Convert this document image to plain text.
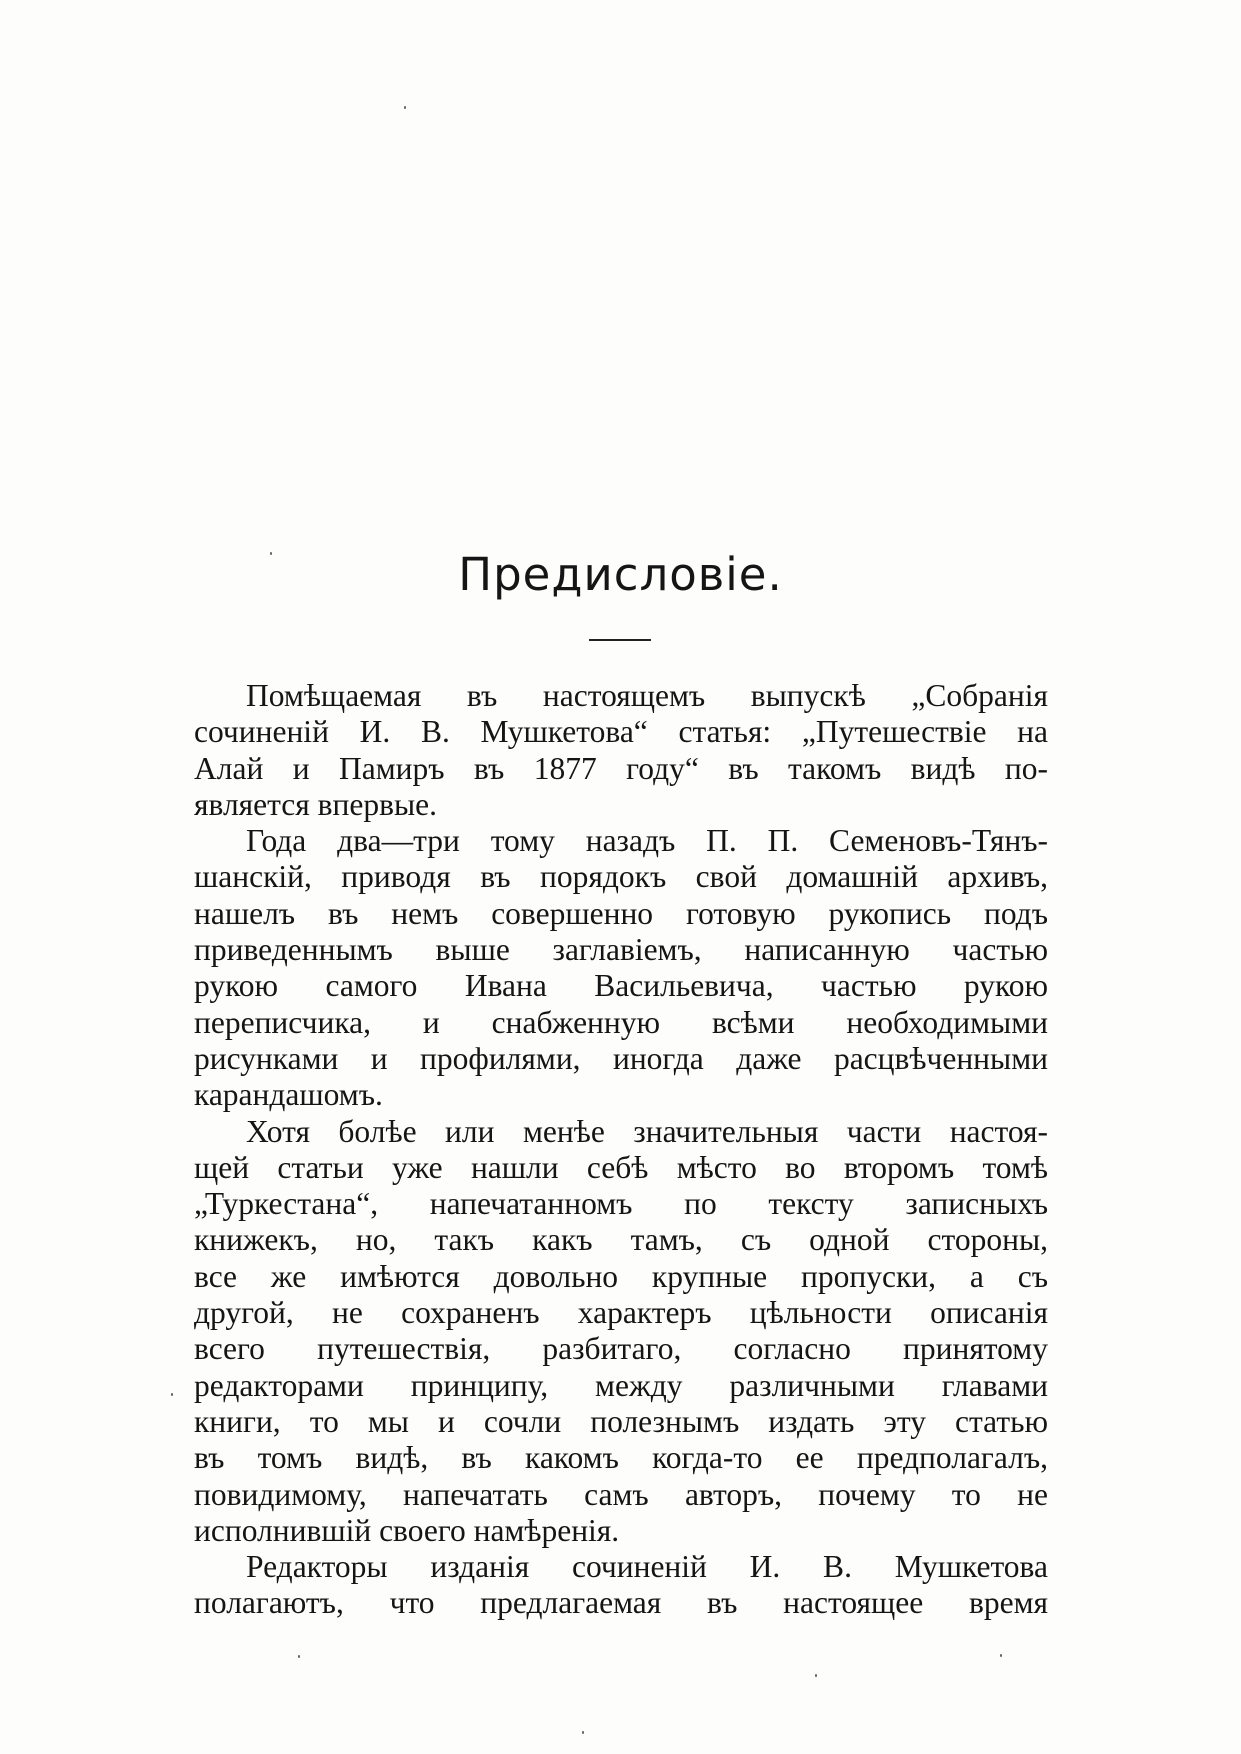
Предисловіе.
Помѣщаемая въ настоящемъ выпускѣ „Собранія
сочиненій И. В. Мушкетова“ статья: „Путешествіе на
Алай и Памиръ въ 1877 году“ въ такомъ видѣ по-
является впервые.
Года два—три тому назадъ П. П. Семеновъ-Тянъ-
шанскій, приводя въ порядокъ свой домашній архивъ,
нашелъ въ немъ совершенно готовую рукопись подъ
приведеннымъ выше заглавіемъ, написанную частью
рукою самого Ивана Васильевича, частью рукою
переписчика, и снабженную всѣми необходимыми
рисунками и профилями, иногда даже расцвѣченными
карандашомъ.
Хотя болѣе или менѣе значительныя части настоя-
щей статьи уже нашли себѣ мѣсто во второмъ томѣ
„Туркестана“, напечатанномъ по тексту записныхъ
книжекъ, но, такъ какъ тамъ, съ одной стороны,
все же имѣются довольно крупные пропуски, а съ
другой, не сохраненъ характеръ цѣльности описанія
всего путешествія, разбитаго, согласно принятому
редакторами принципу, между различными главами
книги, то мы и сочли полезнымъ издать эту статью
въ томъ видѣ, въ какомъ когда-то ее предполагалъ,
повидимому, напечатать самъ авторъ, почему то не
исполнившій своего намѣренія.
Редакторы изданія сочиненій И. В. Мушкетова
полагаютъ, что предлагаемая въ настоящее время
